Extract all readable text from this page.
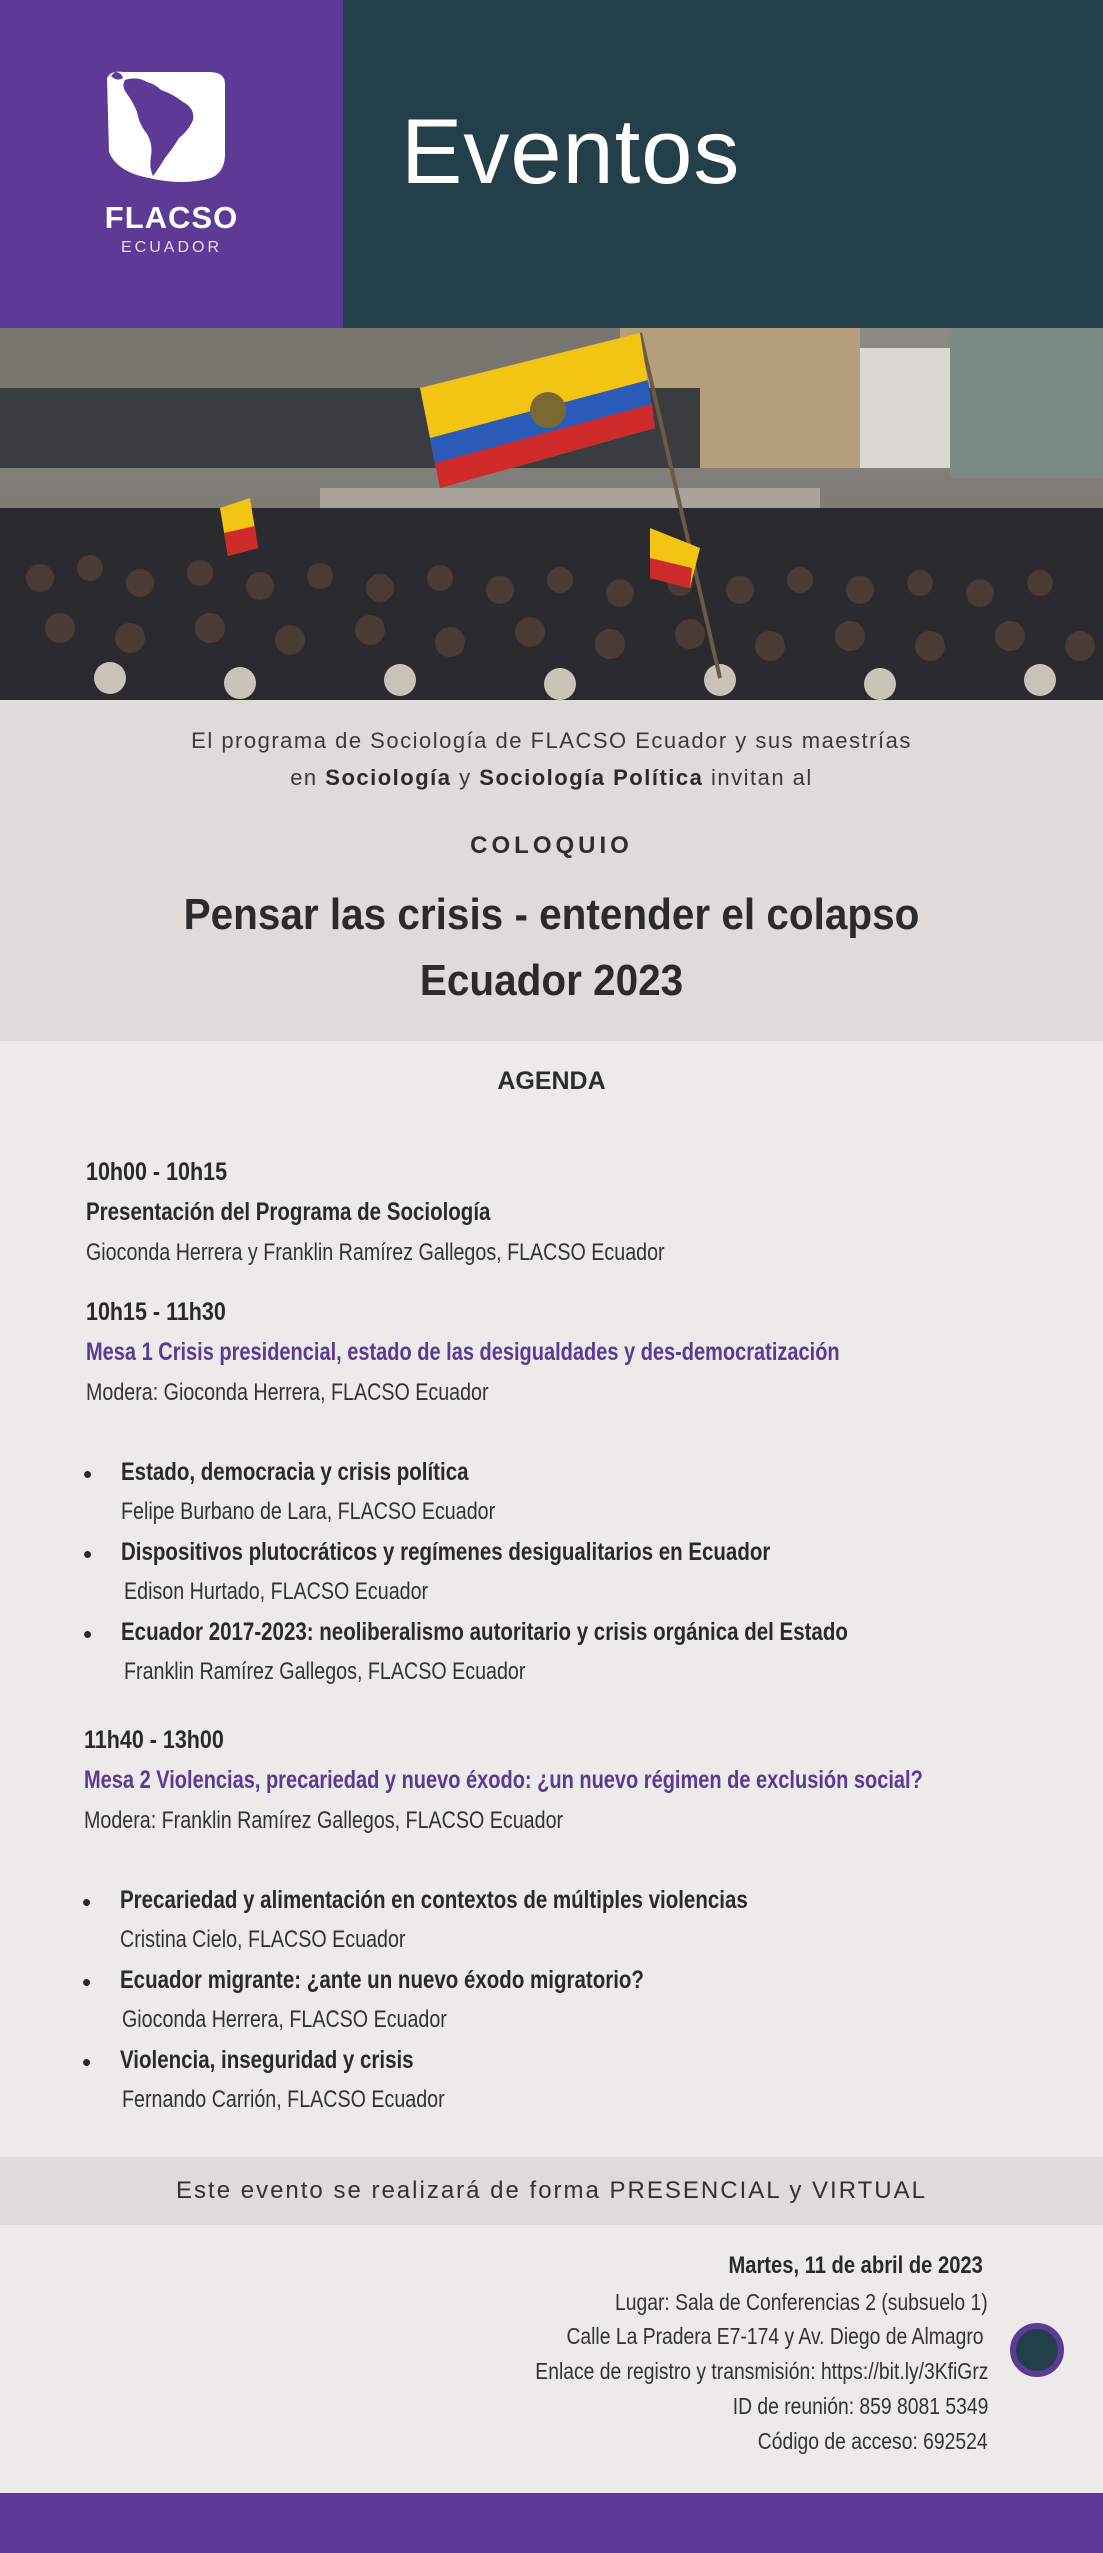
FLACSO
ECUADOR
Eventos
El programa de Sociología de FLACSO Ecuador y sus maestrías
en Sociología y Sociología Política invitan al
COLOQUIO
Pensar las crisis - entender el colapso
Ecuador 2023
AGENDA
10h00 - 10h15
Presentación del Programa de Sociología
Gioconda Herrera y Franklin Ramírez Gallegos, FLACSO Ecuador
10h15 - 11h30
Mesa 1 Crisis presidencial, estado de las desigualdades y des-democratización
Modera: Gioconda Herrera, FLACSO Ecuador
• Estado, democracia y crisis política
Felipe Burbano de Lara, FLACSO Ecuador
• Dispositivos plutocráticos y regímenes desigualitarios en Ecuador
Edison Hurtado, FLACSO Ecuador
• Ecuador 2017-2023: neoliberalismo autoritario y crisis orgánica del Estado
Franklin Ramírez Gallegos, FLACSO Ecuador
11h40 - 13h00
Mesa 2 Violencias, precariedad y nuevo éxodo: ¿un nuevo régimen de exclusión social?
Modera: Franklin Ramírez Gallegos, FLACSO Ecuador
• Precariedad y alimentación en contextos de múltiples violencias
Cristina Cielo, FLACSO Ecuador
• Ecuador migrante: ¿ante un nuevo éxodo migratorio?
Gioconda Herrera, FLACSO Ecuador
• Violencia, inseguridad y crisis
Fernando Carrión, FLACSO Ecuador
Este evento se realizará de forma PRESENCIAL y VIRTUAL
Martes, 11 de abril de 2023
Lugar: Sala de Conferencias 2 (subsuelo 1)
Calle La Pradera E7-174 y Av. Diego de Almagro
Enlace de registro y transmisión: https://bit.ly/3KfiGrz
ID de reunión: 859 8081 5349
Código de acceso: 692524
